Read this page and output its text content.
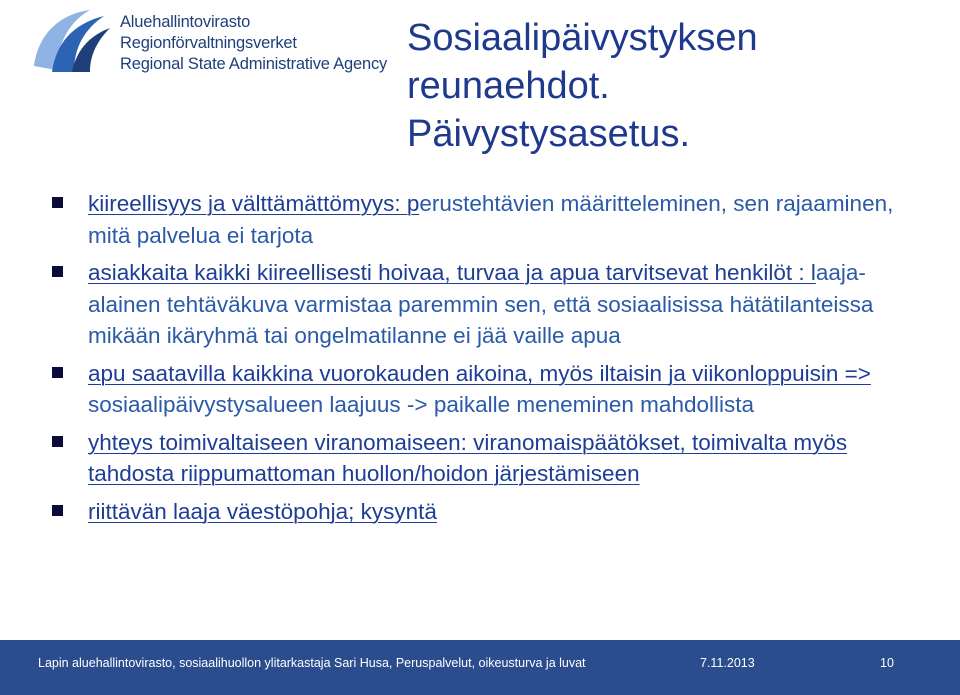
Aluehallintovirasto
Regionförvaltningsverket
Regional State Administrative Agency
Sosiaalipäivystyksen
reunaehdot.
Päivystysasetus.
kiireellisyys ja välttämättömyys: perustehtävien määritteleminen, sen rajaaminen, mitä palvelua ei tarjota
asiakkaita kaikki kiireellisesti hoivaa, turvaa ja apua tarvitsevat henkilöt : laaja-alainen tehtäväkuva varmistaa paremmin sen, että sosiaalisissa hätätilanteissa mikään ikäryhmä tai ongelmatilanne ei jää vaille apua
apu saatavilla kaikkina vuorokauden aikoina, myös iltaisin ja viikonloppuisin => sosiaalipäivystysalueen laajuus -> paikalle meneminen mahdollista
yhteys toimivaltaiseen viranomaiseen: viranomaispäätökset, toimivalta myös tahdosta riippumattoman huollon/hoidon järjestämiseen
riittävän laaja väestöpohja; kysyntä
Lapin aluehallintovirasto, sosiaalihuollon ylitarkastaja Sari Husa, Peruspalvelut, oikeusturva ja luvat	7.11.2013	10
